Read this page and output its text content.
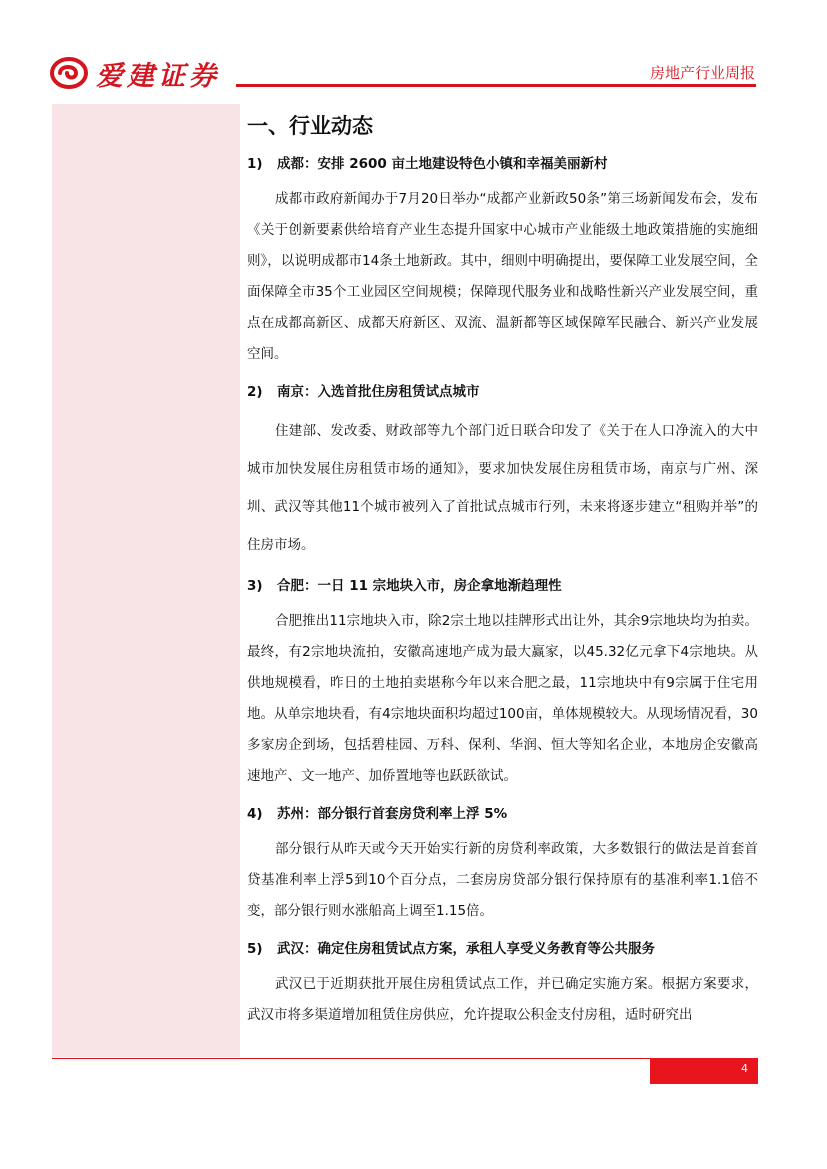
爱建证券	房地产行业周报
一、行业动态
1)	成都：安排 2600 亩土地建设特色小镇和幸福美丽新村

成都市政府新闻办于7月20日举办“成都产业新政50条”第三场新闻发布会，发布《关于创新要素供给培育产业生态提升国家中心城市产业能级土地政策措施的实施细则》，以说明成都市14条土地新政。其中，细则中明确提出，要保障工业发展空间，全面保障全市35个工业园区空间规模；保障现代服务业和战略性新兴产业发展空间，重点在成都高新区、成都天府新区、双流、温新都等区域保障军民融合、新兴产业发展空间。

2)	南京：入选首批住房租赁试点城市

住建部、发改委、财政部等九个部门近日联合印发了《关于在人口净流入的大中城市加快发展住房租赁市场的通知》，要求加快发展住房租赁市场，南京与广州、深圳、武汉等其他11个城市被列入了首批试点城市行列，未来将逐步建立“租购并举”的住房市场。

3)	合肥：一日 11 宗地块入市，房企拿地渐趋理性

合肥推出11宗地块入市，除2宗土地以挂牌形式出让外，其余9宗地块均为拍卖。最终，有2宗地块流拍，安徽高速地产成为最大赢家，以45.32亿元拿下4宗地块。从供地规模看，昨日的土地拍卖堪称今年以来合肥之最，11宗地块中有9宗属于住宅用地。从单宗地块看，有4宗地块面积均超过100亩，单体规模较大。从现场情况看，30多家房企到场，包括碧桂园、万科、保利、华润、恒大等知名企业，本地房企安徽高速地产、文一地产、加侨置地等也跃跃欲试。

4)	苏州：部分银行首套房贷利率上浮 5%

部分银行从昨天或今天开始实行新的房贷利率政策，大多数银行的做法是首套首贷基准利率上浮5到10个百分点，二套房房贷部分银行保持原有的基准利率1.1倍不变，部分银行则水涨船高上调至1.15倍。

5)	武汉：确定住房租赁试点方案，承租人享受义务教育等公共服务

武汉已于近期获批开展住房租赁试点工作，并已确定实施方案。根据方案要求，武汉市将多渠道增加租赁住房供应，允许提取公积金支付房租，适时研究出

4
